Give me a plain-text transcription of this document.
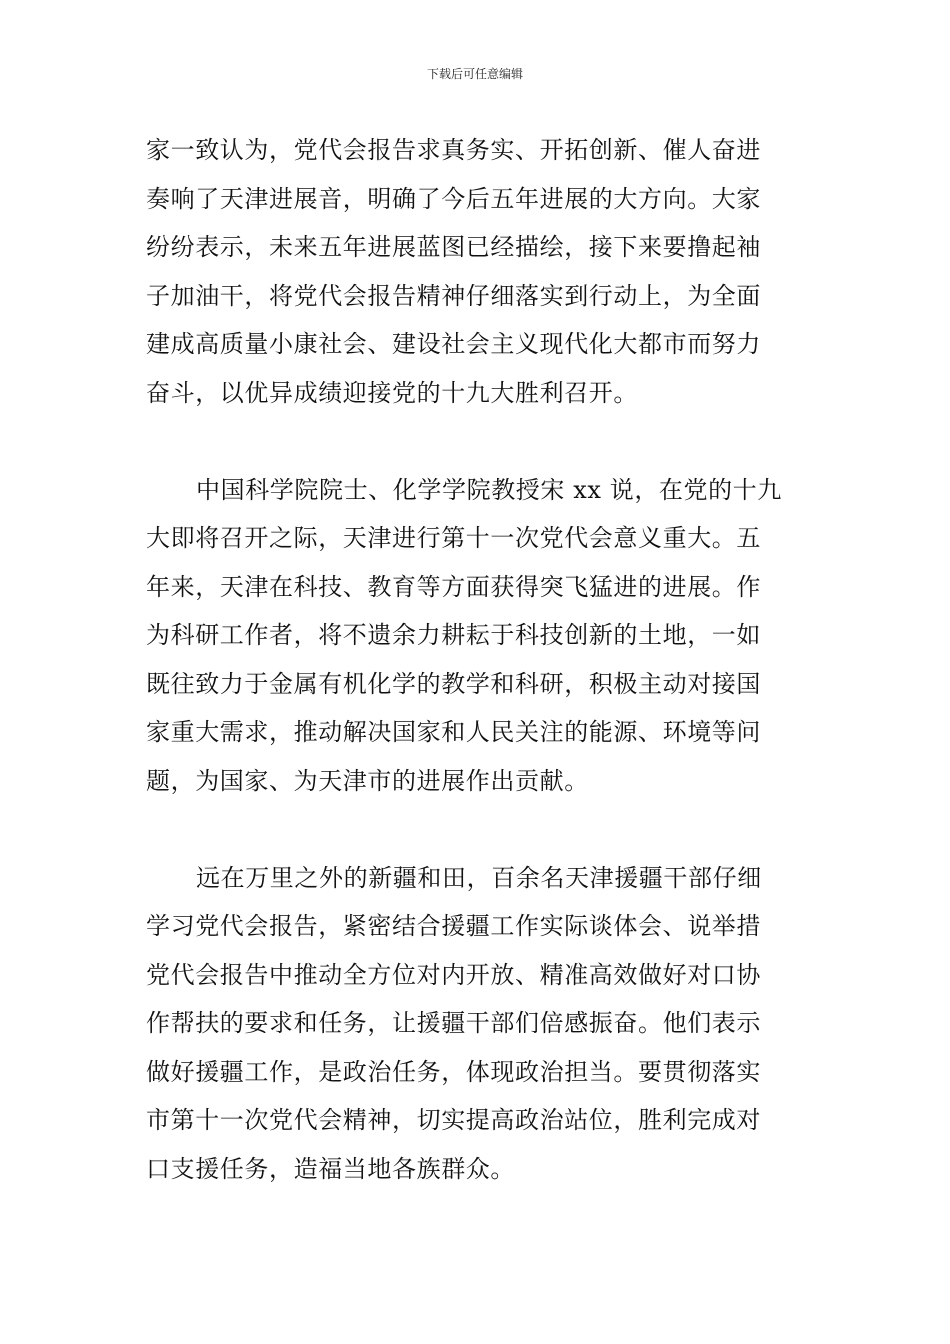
下载后可任意编辑
家一致认为，党代会报告求真务实、开拓创新、催人奋进
奏响了天津进展音，明确了今后五年进展的大方向。大家
纷纷表示，未来五年进展蓝图已经描绘，接下来要撸起袖
子加油干，将党代会报告精神仔细落实到行动上，为全面
建成高质量小康社会、建设社会主义现代化大都市而努力
奋斗，以优异成绩迎接党的十九大胜利召开。
中国科学院院士、化学学院教授宋 xx 说，在党的十九
大即将召开之际，天津进行第十一次党代会意义重大。五
年来，天津在科技、教育等方面获得突飞猛进的进展。作
为科研工作者，将不遗余力耕耘于科技创新的土地，一如
既往致力于金属有机化学的教学和科研，积极主动对接国
家重大需求，推动解决国家和人民关注的能源、环境等问
题，为国家、为天津市的进展作出贡献。
远在万里之外的新疆和田，百余名天津援疆干部仔细
学习党代会报告，紧密结合援疆工作实际谈体会、说举措
党代会报告中推动全方位对内开放、精准高效做好对口协
作帮扶的要求和任务，让援疆干部们倍感振奋。他们表示
做好援疆工作，是政治任务，体现政治担当。要贯彻落实
市第十一次党代会精神，切实提高政治站位，胜利完成对
口支援任务，造福当地各族群众。
